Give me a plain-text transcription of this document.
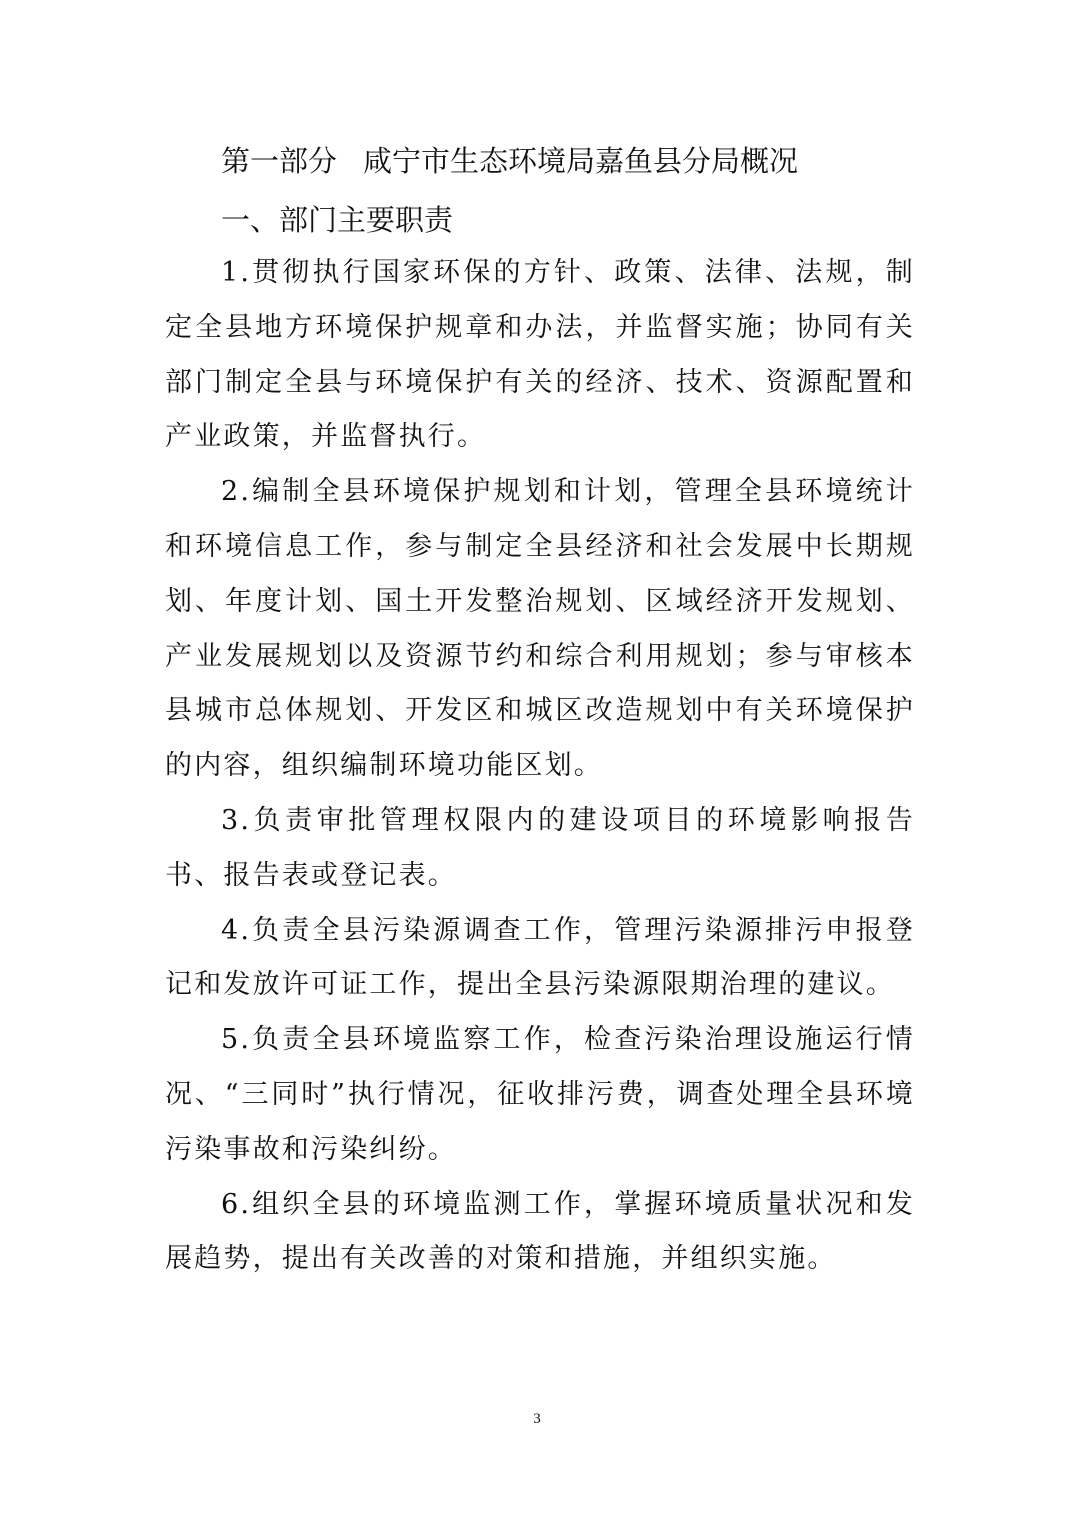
第一部分 咸宁市生态环境局嘉鱼县分局概况
一、部门主要职责

1.贯彻执行国家环保的方针、政策、法律、法规，制定全县地方环境保护规章和办法，并监督实施；协同有关部门制定全县与环境保护有关的经济、技术、资源配置和产业政策，并监督执行。

2.编制全县环境保护规划和计划，管理全县环境统计和环境信息工作，参与制定全县经济和社会发展中长期规划、年度计划、国土开发整治规划、区域经济开发规划、产业发展规划以及资源节约和综合利用规划；参与审核本县城市总体规划、开发区和城区改造规划中有关环境保护的内容，组织编制环境功能区划。

3.负责审批管理权限内的建设项目的环境影响报告书、报告表或登记表。

4.负责全县污染源调查工作，管理污染源排污申报登记和发放许可证工作，提出全县污染源限期治理的建议。

5.负责全县环境监察工作，检查污染治理设施运行情况、“三同时”执行情况，征收排污费，调查处理全县环境污染事故和污染纠纷。

6.组织全县的环境监测工作，掌握环境质量状况和发展趋势，提出有关改善的对策和措施，并组织实施。

3
